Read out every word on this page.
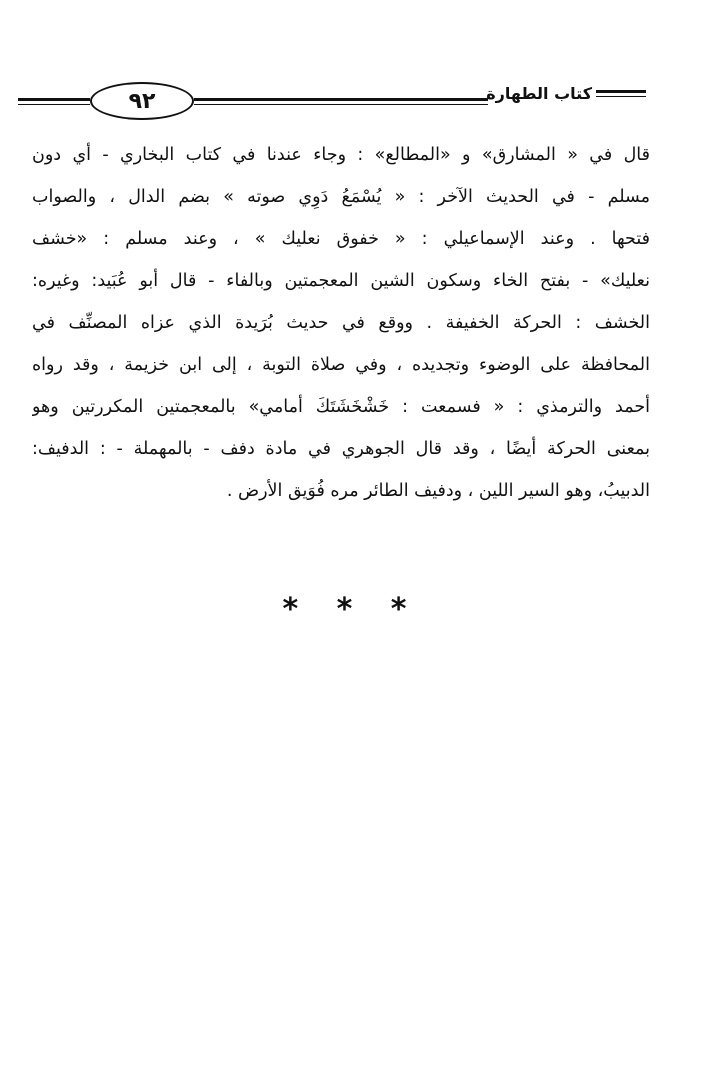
٩٢	كتاب الطهارة
قال في « المشارق» و «المطالع» : وجاء عندنا في كتاب البخاري - أي دون
مسلم - في الحديث الآخر : « يُسْمَعُ دَوِي صوته » بضم الدال ، والصواب
فتحها . وعند الإسماعيلي : « خفوق نعليك » ، وعند مسلم : «خشف
نعليك» - بفتح الخاء وسكون الشين المعجمتين وبالفاء - قال أبو عُبَيد: وغيره:
الخشف : الحركة الخفيفة . ووقع في حديث بُرَيدة الذي عزاه المصنِّف في
المحافظة على الوضوء وتجديده ، وفي صلاة التوبة ، إلى ابن خزيمة ، وقد رواه
أحمد والترمذي : « فسمعت : خَشْخَشَتَكَ أمامي» بالمعجمتين المكررتين وهو
بمعنى الحركة أيضًا ، وقد قال الجوهري في مادة دفف - بالمهملة - : الدفيف:
الدبيبُ، وهو السير اللين ، ودفيف الطائر مره فُوَيق الأرض .
* * *
